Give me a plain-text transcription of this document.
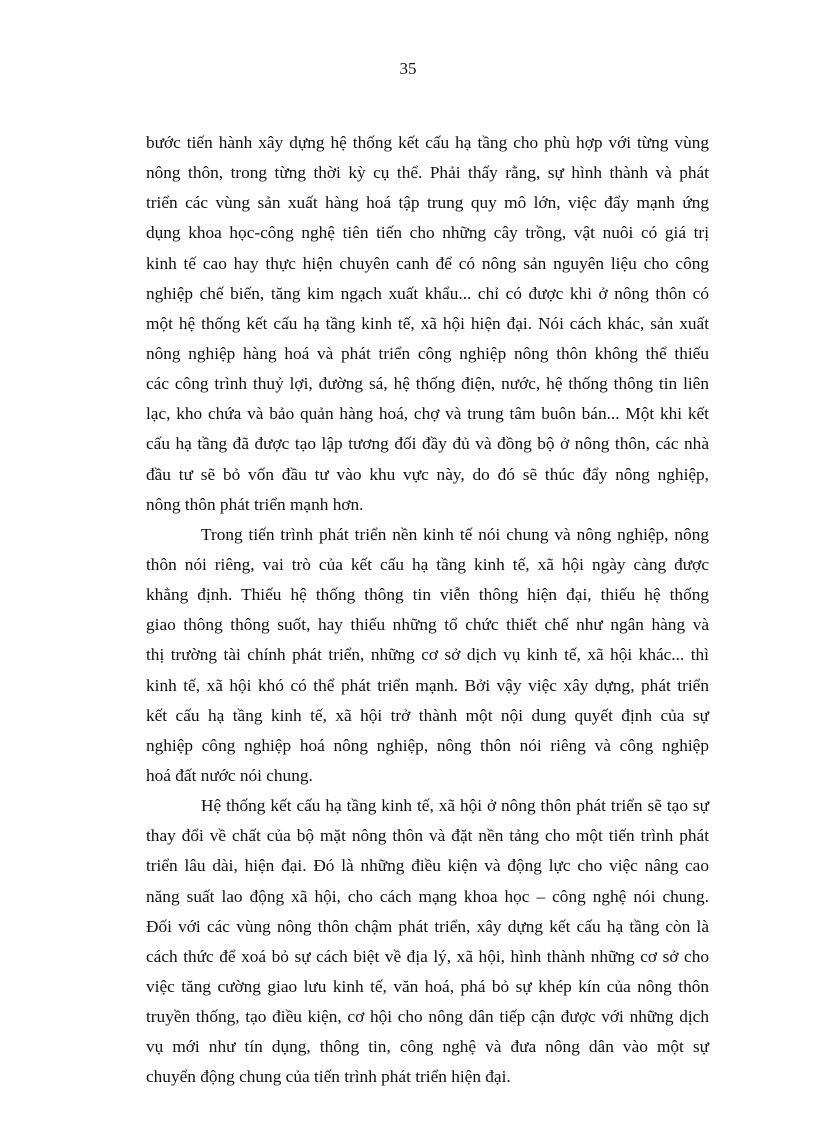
35
bước tiến hành xây dựng hệ thống kết cấu hạ tầng cho phù hợp với từng vùng
nông thôn, trong từng thời kỳ cụ thể. Phải thấy rằng, sự hình thành và phát
triển các vùng sản xuất hàng hoá tập trung quy mô lớn, việc đẩy mạnh ứng
dụng khoa học-công nghệ tiên tiến cho những cây trồng, vật nuôi có giá trị
kinh tế cao hay thực hiện chuyên canh để có nông sản nguyên liệu cho công
nghiệp chế biến, tăng kim ngạch xuất khẩu... chỉ có được khi ở nông thôn có
một hệ thống kết cấu hạ tầng kinh tế, xã hội hiện đại. Nói cách khác, sản xuất
nông nghiệp hàng hoá và phát triển công nghiệp nông thôn không thể thiếu
các công trình thuỷ lợi, đường sá, hệ thống điện, nước, hệ thống thông tin liên
lạc, kho chứa và bảo quản hàng hoá, chợ và trung tâm buôn bán... Một khi kết
cấu hạ tầng đã được tạo lập tương đối đầy đủ và đồng bộ ở nông thôn, các nhà
đầu tư sẽ bỏ vốn đầu tư vào khu vực này, do đó sẽ thúc đẩy nông nghiệp,
nông thôn phát triển mạnh hơn.
Trong tiến trình phát triển nền kinh tế nói chung và nông nghiệp, nông
thôn nói riêng, vai trò của kết cấu hạ tầng kinh tế, xã hội ngày càng được
khẳng định. Thiếu hệ thống thông tin viễn thông hiện đại, thiếu hệ thống
giao thông thông suốt, hay thiếu những tổ chức thiết chế như ngân hàng và
thị trường tài chính phát triển, những cơ sở dịch vụ kinh tế, xã hội khác... thì
kinh tế, xã hội khó có thể phát triển mạnh. Bởi vậy việc xây dựng, phát triển
kết cấu hạ tầng kinh tế, xã hội trở thành một nội dung quyết định của sự
nghiệp công nghiệp hoá nông nghiệp, nông thôn nói riêng và công nghiệp
hoá đất nước nói chung.
Hệ thống kết cấu hạ tầng kinh tế, xã hội ở nông thôn phát triển sẽ tạo sự
thay đổi về chất của bộ mặt nông thôn và đặt nền tảng cho một tiến trình phát
triển lâu dài, hiện đại. Đó là những điều kiện và động lực cho việc nâng cao
năng suất lao động xã hội, cho cách mạng khoa học – công nghệ nói chung.
Đối với các vùng nông thôn chậm phát triển, xây dựng kết cấu hạ tầng còn là
cách thức để xoá bỏ sự cách biệt về địa lý, xã hội, hình thành những cơ sở cho
việc tăng cường giao lưu kinh tế, văn hoá, phá bỏ sự khép kín của nông thôn
truyền thống, tạo điều kiện, cơ hội cho nông dân tiếp cận được với những dịch
vụ mới như tín dụng, thông tin, công nghệ và đưa nông dân vào một sự
chuyển động chung của tiến trình phát triển hiện đại.
